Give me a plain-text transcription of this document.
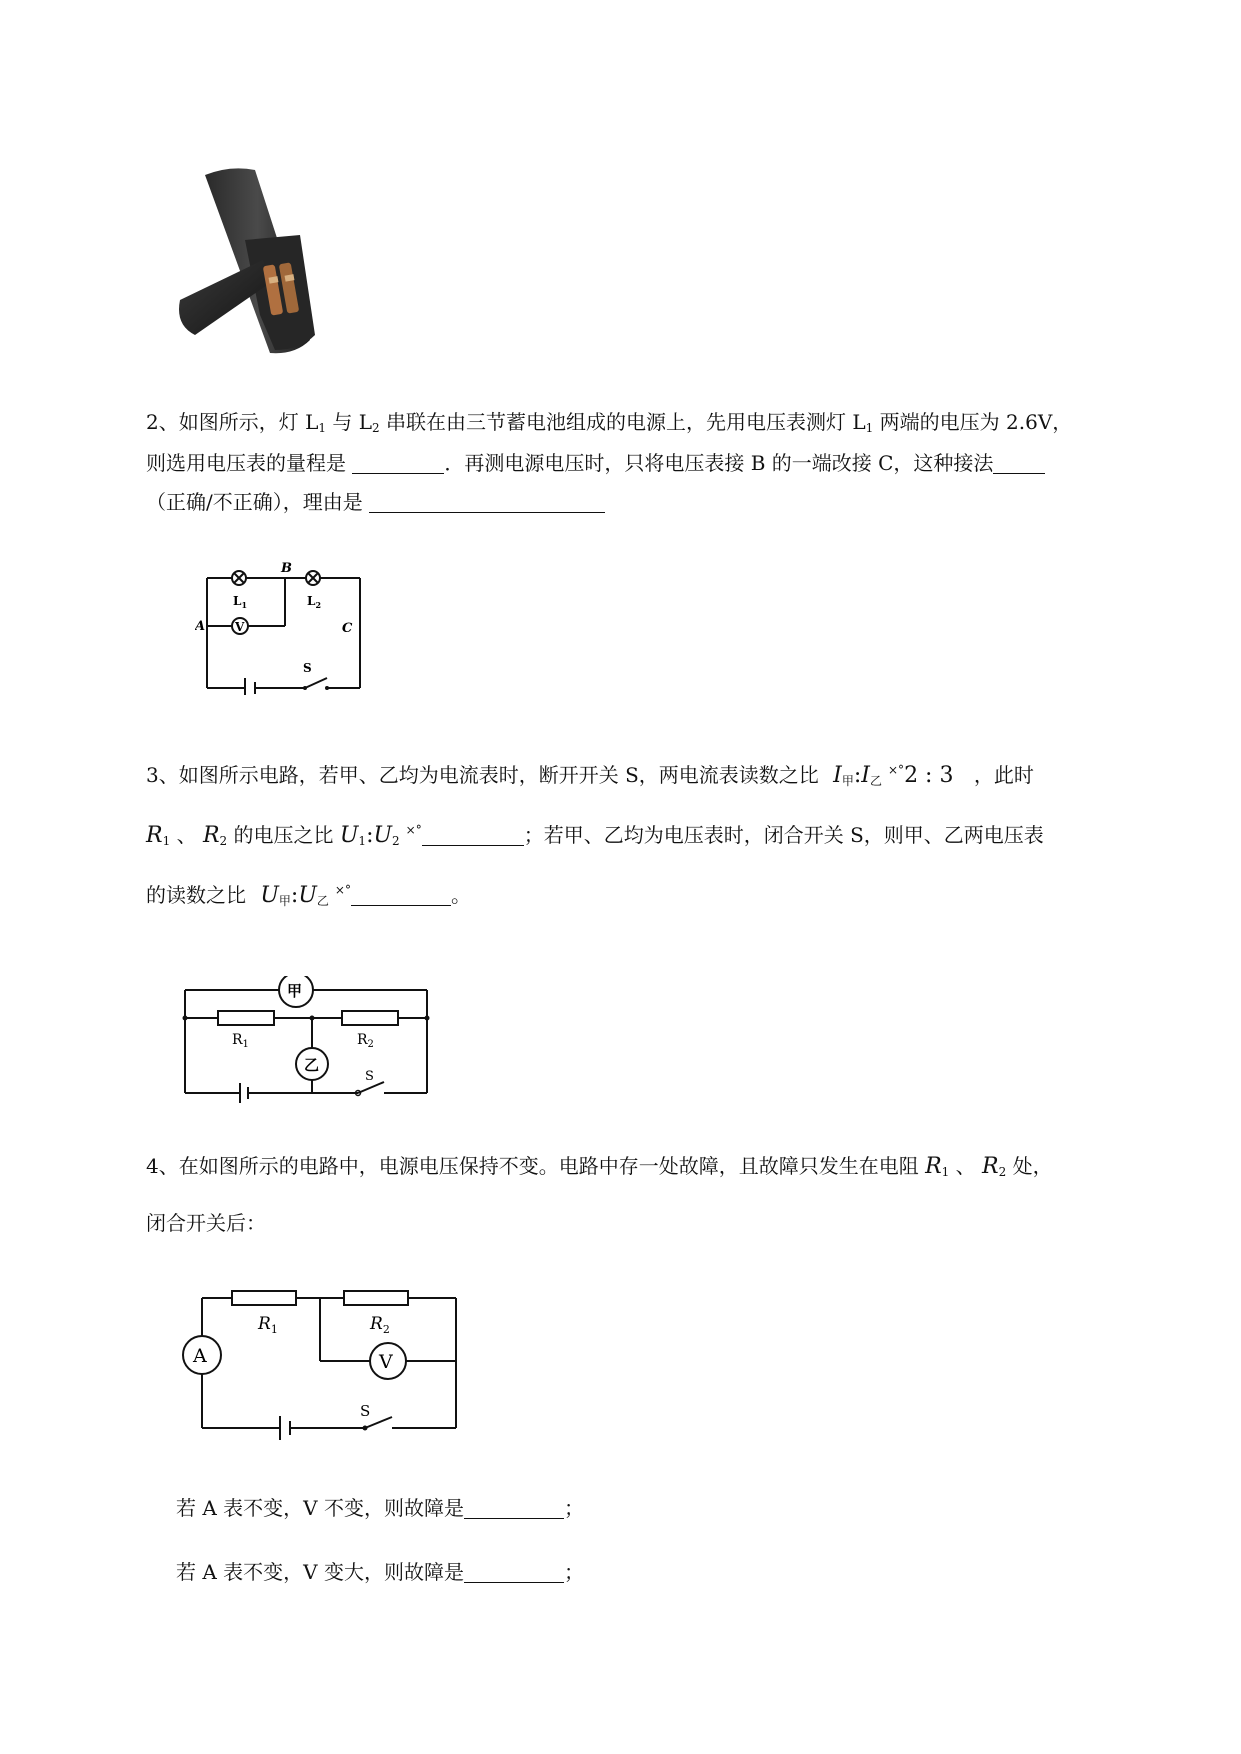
2、如图所示，灯 $L_1$ 与 $L_2$ 串联在由三节蓄电池组成的电源上，先用电压表测灯 $L_1$ 两端的电压为 2.6V，
则选用电压表的量程是	．再测电源电压时，只将电压表接 B 的一端改接 C，这种接法
（正确/不正确），理由是
B
A	C
$L_1$	$L_2$
V
S
3、如图所示电路，若甲、乙均为电流表时，断开开关 S，两电流表读数之比 $I_甲:I_乙^{\times^\circ}2$ : 3 ，此时
$R_1$ 、 $R_2$ 的电压之比 $U_1:U_2^{\times^\circ}$	；若甲、乙均为电压表时，闭合开关 S，则甲、乙两电压表
的读数之比 $U_甲:U_乙^{\times^\circ}$	。
甲
乙
$R_1$	$R_2$
S
4、在如图所示的电路中，电源电压保持不变。电路中存一处故障，且故障只发生在电阻 $R_1$ 、 $R_2$ 处，
闭合开关后：
$R_1$	$R_2$
A	V
S
若 A 表不变，V 不变，则故障是	；
若 A 表不变，V 变大，则故障是	；
